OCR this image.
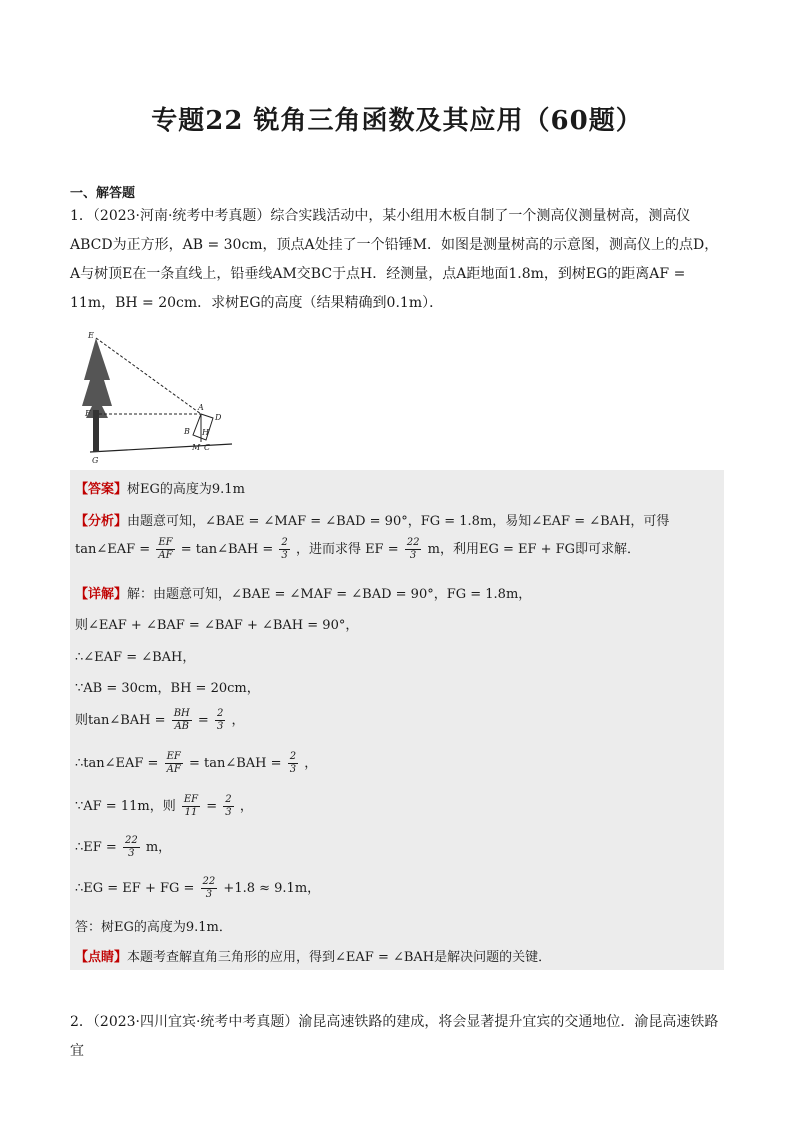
专题22 锐角三角函数及其应用（60题）
一、解答题
1．（2023·河南·统考中考真题）综合实践活动中，某小组用木板自制了一个测高仪测量树高，测高仪ABCD为正方形，AB = 30cm，顶点A处挂了一个铅锤M．如图是测量树高的示意图，测高仪上的点D，A与树顶E在一条直线上，铅垂线AM交BC于点H．经测量，点A距地面1.8m，到树EG的距离AF = 11m，BH = 20cm．求树EG的高度（结果精确到0.1m）．
E
F
G
A
D
B H
M C
【答案】树EG的高度为9.1m
【分析】由题意可知，∠BAE = ∠MAF = ∠BAD = 90°，FG = 1.8m，易知∠EAF = ∠BAH，可得
tan∠EAF = $\frac{EF}{AF}$ = tan∠BAH = $\frac{2}{3}$ ，进而求得 EF = $\frac{22}{3}$ m，利用EG = EF + FG即可求解．
【详解】解：由题意可知，∠BAE = ∠MAF = ∠BAD = 90°，FG = 1.8m，
则∠EAF + ∠BAF = ∠BAF + ∠BAH = 90°，
∴∠EAF = ∠BAH，
∵AB = 30cm，BH = 20cm，
则tan∠BAH = $\frac{BH}{AB} = \frac{2}{3}$ ，
∴tan∠EAF = $\frac{EF}{AF}$ = tan∠BAH = $\frac{2}{3}$ ，
∵AF = 11m，则 $\frac{EF}{11} = \frac{2}{3}$ ，
∴EF = $\frac{22}{3}$ m，
∴EG = EF + FG = $\frac{22}{3} +1.8 \approx 9.1m$，
答：树EG的高度为9.1m．
【点睛】本题考查解直角三角形的应用，得到∠EAF = ∠BAH是解决问题的关键．
2．（2023·四川宜宾·统考中考真题）渝昆高速铁路的建成，将会显著提升宜宾的交通地位．渝昆高速铁路宜
